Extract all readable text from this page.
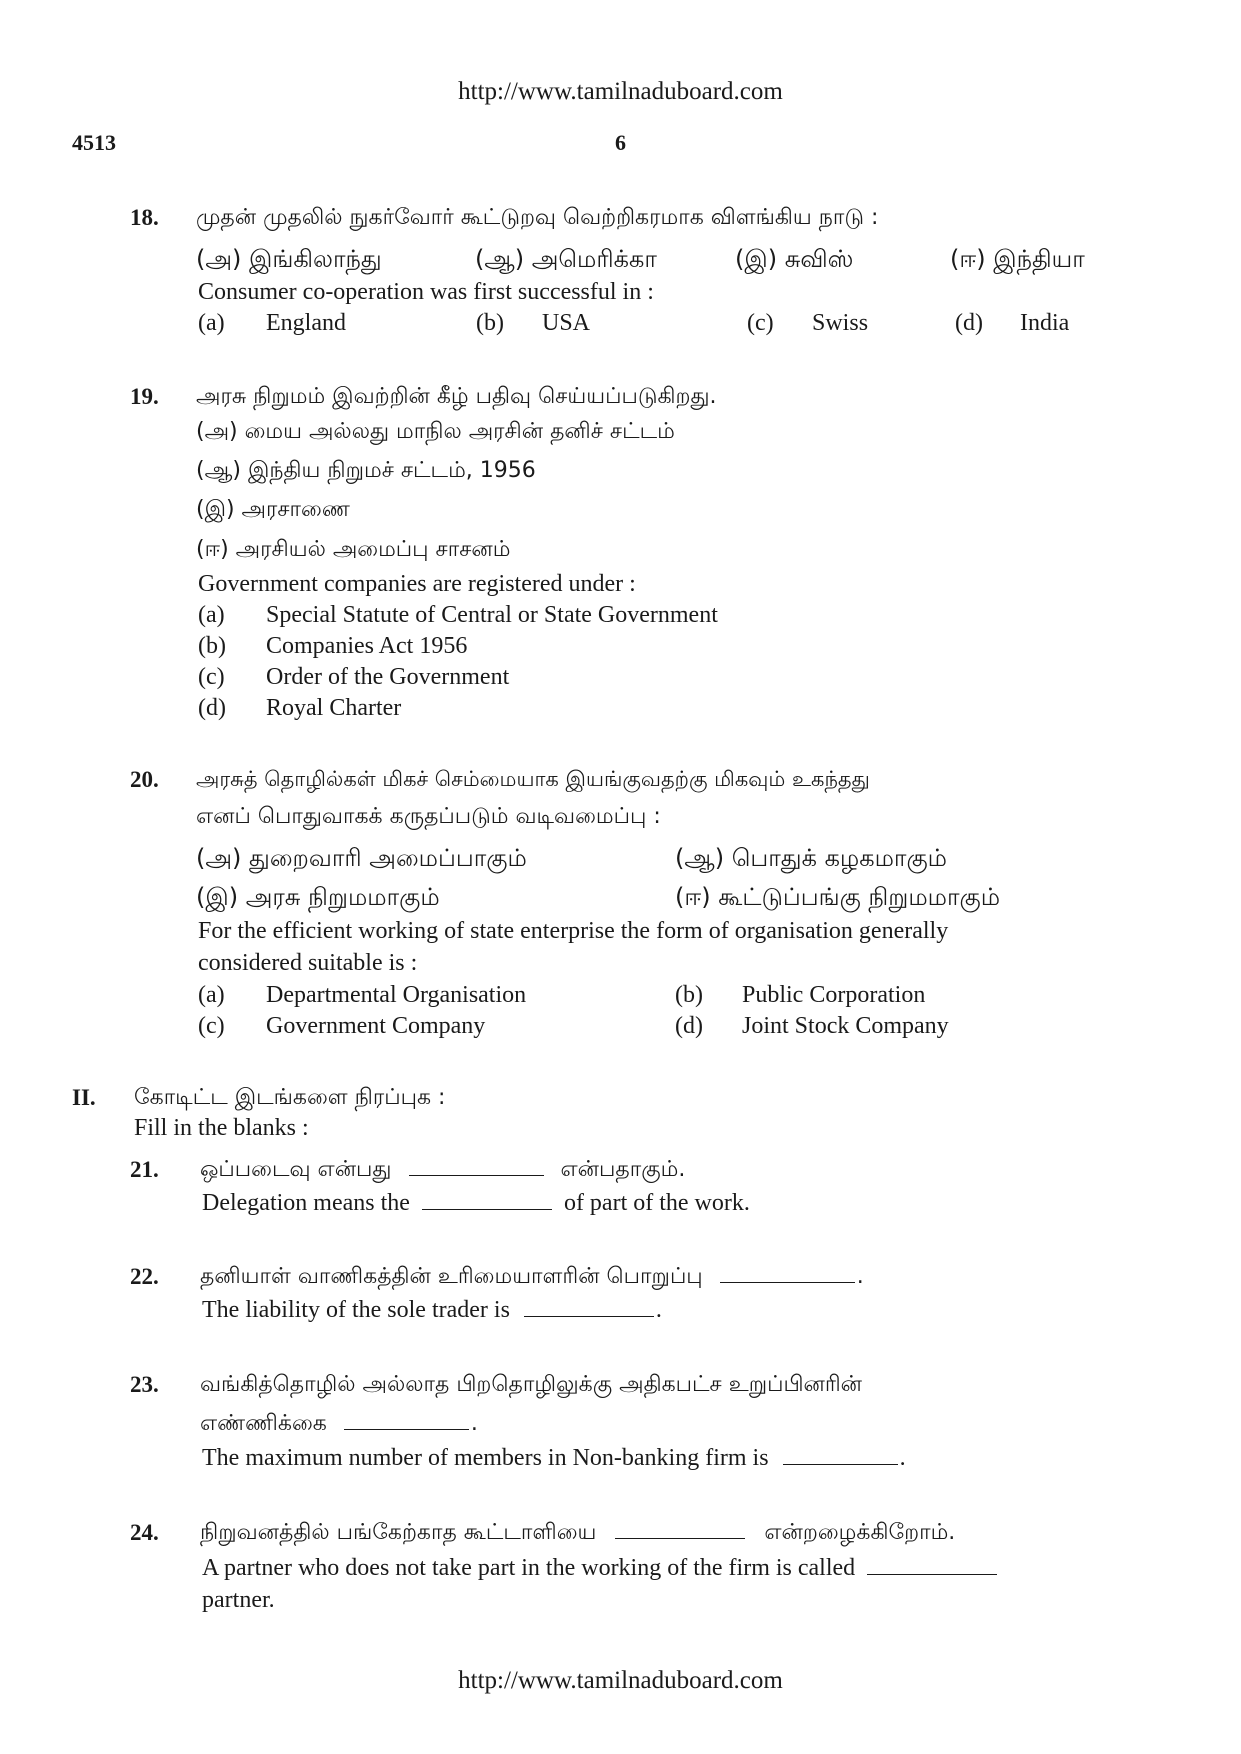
http://www.tamilnaduboard.com
4513	6
18. முதன் முதலில் நுகர்வோர் கூட்டுறவு வெற்றிகரமாக விளங்கிய நாடு :
(அ) இங்கிலாந்து	(ஆ) அமெரிக்கா	(இ) சுவிஸ்	(ஈ) இந்தியா
Consumer co-operation was first successful in :
(a) England	(b) USA	(c) Swiss	(d) India
19. அரசு நிறுமம் இவற்றின் கீழ் பதிவு செய்யப்படுகிறது.
(அ) மைய அல்லது மாநில அரசின் தனிச் சட்டம்
(ஆ) இந்திய நிறுமச் சட்டம், 1956
(இ) அரசாணை
(ஈ) அரசியல் அமைப்பு சாசனம்
Government companies are registered under :
(a) Special Statute of Central or State Government
(b) Companies Act 1956
(c) Order of the Government
(d) Royal Charter
20. அரசுத் தொழில்கள் மிகச் செம்மையாக இயங்குவதற்கு மிகவும் உகந்தது
எனப் பொதுவாகக் கருதப்படும் வடிவமைப்பு :
(அ) துறைவாரி அமைப்பாகும்	(ஆ) பொதுக் கழகமாகும்
(இ) அரசு நிறுமமாகும்	(ஈ) கூட்டுப்பங்கு நிறுமமாகும்
For the efficient working of state enterprise the form of organisation generally
considered suitable is :
(a) Departmental Organisation	(b) Public Corporation
(c) Government Company	(d) Joint Stock Company
II. கோடிட்ட இடங்களை நிரப்புக :
Fill in the blanks :
21. ஒப்படைவு என்பது	என்பதாகும்.
Delegation means the	of part of the work.
22. தனியாள் வாணிகத்தின் உரிமையாளரின் பொறுப்பு	.
The liability of the sole trader is	.
23. வங்கித்தொழில் அல்லாத பிறதொழிலுக்கு அதிகபட்ச உறுப்பினரின்
எண்ணிக்கை	.
The maximum number of members in Non-banking firm is	.
24. நிறுவனத்தில் பங்கேற்காத கூட்டாளியை	என்றழைக்கிறோம்.
A partner who does not take part in the working of the firm is called
partner.
http://www.tamilnaduboard.com
